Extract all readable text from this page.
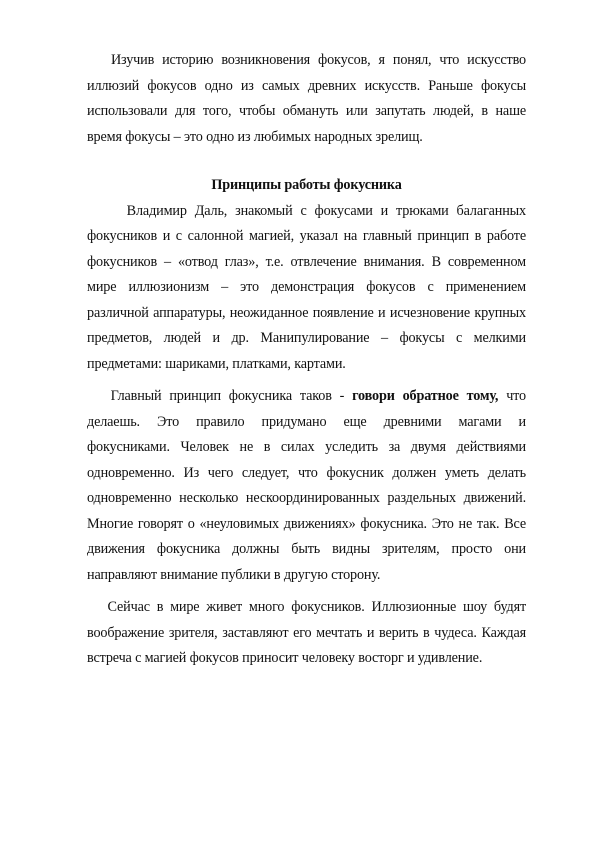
Изучив историю возникновения фокусов, я понял, что искусство
иллюзий фокусов одно из самых древних искусств. Раньше фокусы
использовали для того, чтобы обмануть или запутать людей, в наше
время фокусы – это одно из любимых народных зрелищ.
Принципы работы фокусника
Владимир Даль, знакомый с фокусами и трюками балаганных
фокусников и с салонной магией, указал на главный принцип в работе
фокусников – «отвод глаз», т.е. отвлечение внимания. В современном
мире иллюзионизм – это демонстрация фокусов с применением
различной аппаратуры, неожиданное появление и исчезновение крупных
предметов, людей и др. Манипулирование – фокусы с мелкими
предметами: шариками, платками, картами.
Главный принцип фокусника таков - говори обратное тому, что
делаешь. Это правило придумано еще древними магами и
фокусниками. Человек не в силах уследить за двумя действиями
одновременно. Из чего следует, что фокусник должен уметь делать
одновременно несколько нескоординированных раздельных движений.
Многие говорят о «неуловимых движениях» фокусника. Это не так. Все
движения фокусника должны быть видны зрителям, просто они
направляют внимание публики в другую сторону.
Сейчас в мире живет много фокусников. Иллюзионные шоу будят
воображение зрителя, заставляют его мечтать и верить в чудеса. Каждая
встреча с магией фокусов приносит человеку восторг и удивление.
